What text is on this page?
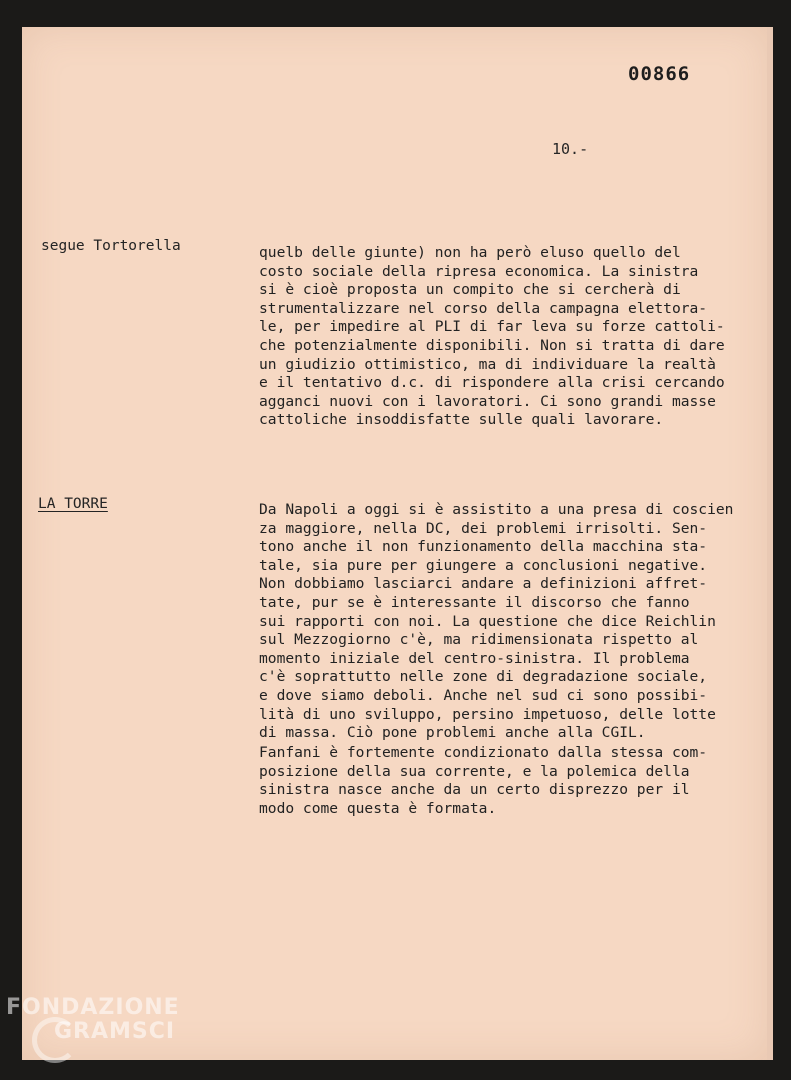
00866
10.-
segue Tortorella
LA TORRE
quelb delle giunte) non ha però eluso quello del
costo sociale della ripresa economica. La sinistra
si è cioè proposta un compito che si cercherà di
strumentalizzare nel corso della campagna elettora-
le, per impedire al PLI di far leva su forze cattoli-
che potenzialmente disponibili. Non si tratta di dare
un giudizio ottimistico, ma di individuare la realtà
e il tentativo d.c. di rispondere alla crisi cercando
agganci nuovi con i lavoratori. Ci sono grandi masse
cattoliche insoddisfatte sulle quali lavorare.
Da Napoli a oggi si è assistito a una presa di coscien
za maggiore, nella DC, dei problemi irrisolti. Sen-
tono anche il non funzionamento della macchina sta-
tale, sia pure per giungere a conclusioni negative.
Non dobbiamo lasciarci andare a definizioni affret-
tate, pur se è interessante il discorso che fanno
sui rapporti con noi. La questione che dice Reichlin
sul Mezzogiorno c'è, ma ridimensionata rispetto al
momento iniziale del centro-sinistra. Il problema
c'è soprattutto nelle zone di degradazione sociale,
e dove siamo deboli. Anche nel sud ci sono possibi-
lità di uno sviluppo, persino impetuoso, delle lotte
di massa. Ciò pone problemi anche alla CGIL.
Fanfani è fortemente condizionato dalla stessa com-
posizione della sua corrente, e la polemica della
sinistra nasce anche da un certo disprezzo per il
modo come questa è formata.
FONDAZIONE
GRAMSCI
